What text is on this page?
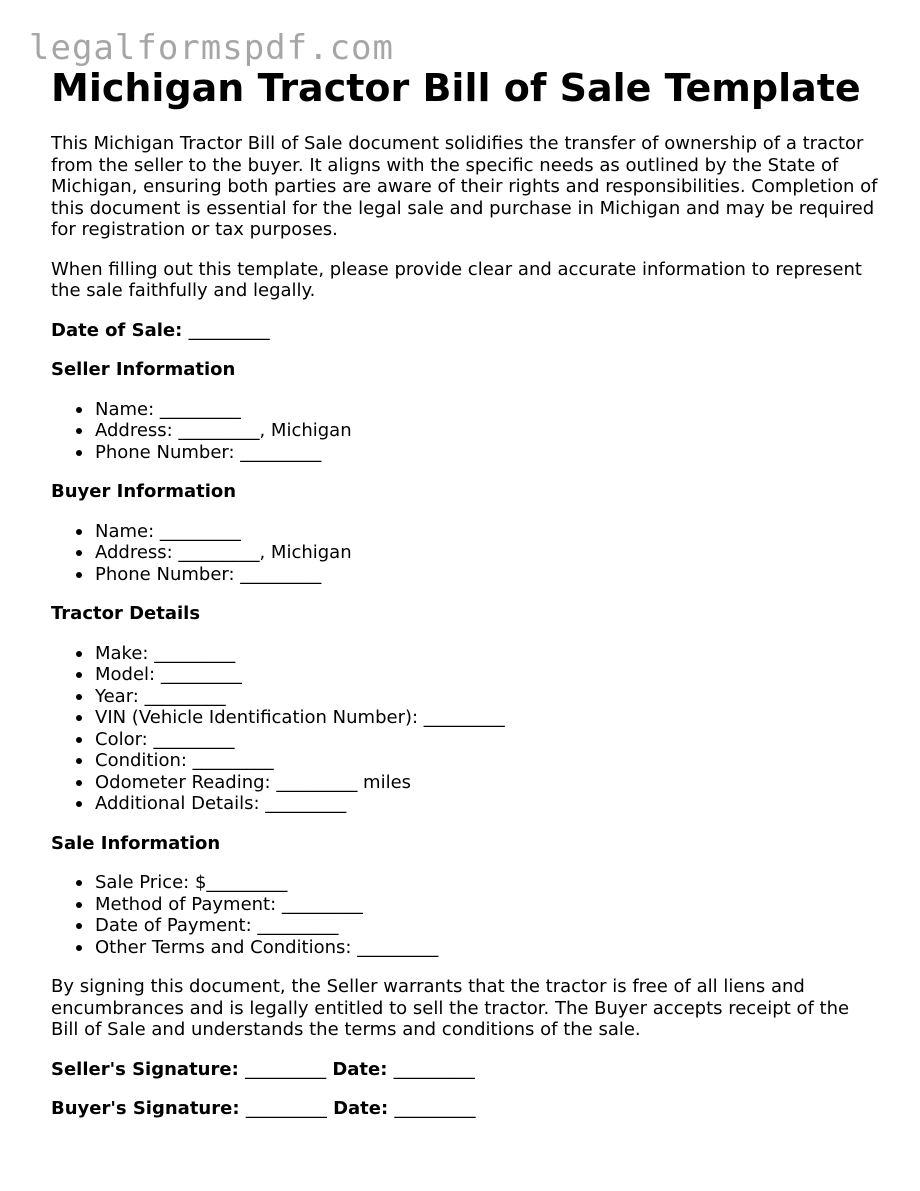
legalformspdf.com
Michigan Tractor Bill of Sale Template

This Michigan Tractor Bill of Sale document solidifies the transfer of ownership of a tractor from the seller to the buyer. It aligns with the specific needs as outlined by the State of Michigan, ensuring both parties are aware of their rights and responsibilities. Completion of this document is essential for the legal sale and purchase in Michigan and may be required for registration or tax purposes.

When filling out this template, please provide clear and accurate information to represent the sale faithfully and legally.

Date of Sale: _________
Seller Information
Name: _________
Address: _________, Michigan
Phone Number: _________
Buyer Information
Name: _________
Address: _________, Michigan
Phone Number: _________
Tractor Details
Make: _________
Model: _________
Year: _________
VIN (Vehicle Identification Number): _________
Color: _________
Condition: _________
Odometer Reading: _________ miles
Additional Details: _________
Sale Information
Sale Price: $_________
Method of Payment: _________
Date of Payment: _________
Other Terms and Conditions: _________

By signing this document, the Seller warrants that the tractor is free of all liens and encumbrances and is legally entitled to sell the tractor. The Buyer accepts receipt of the Bill of Sale and understands the terms and conditions of the sale.

Seller's Signature: _________ Date: _________
Buyer's Signature: _________ Date: _________
